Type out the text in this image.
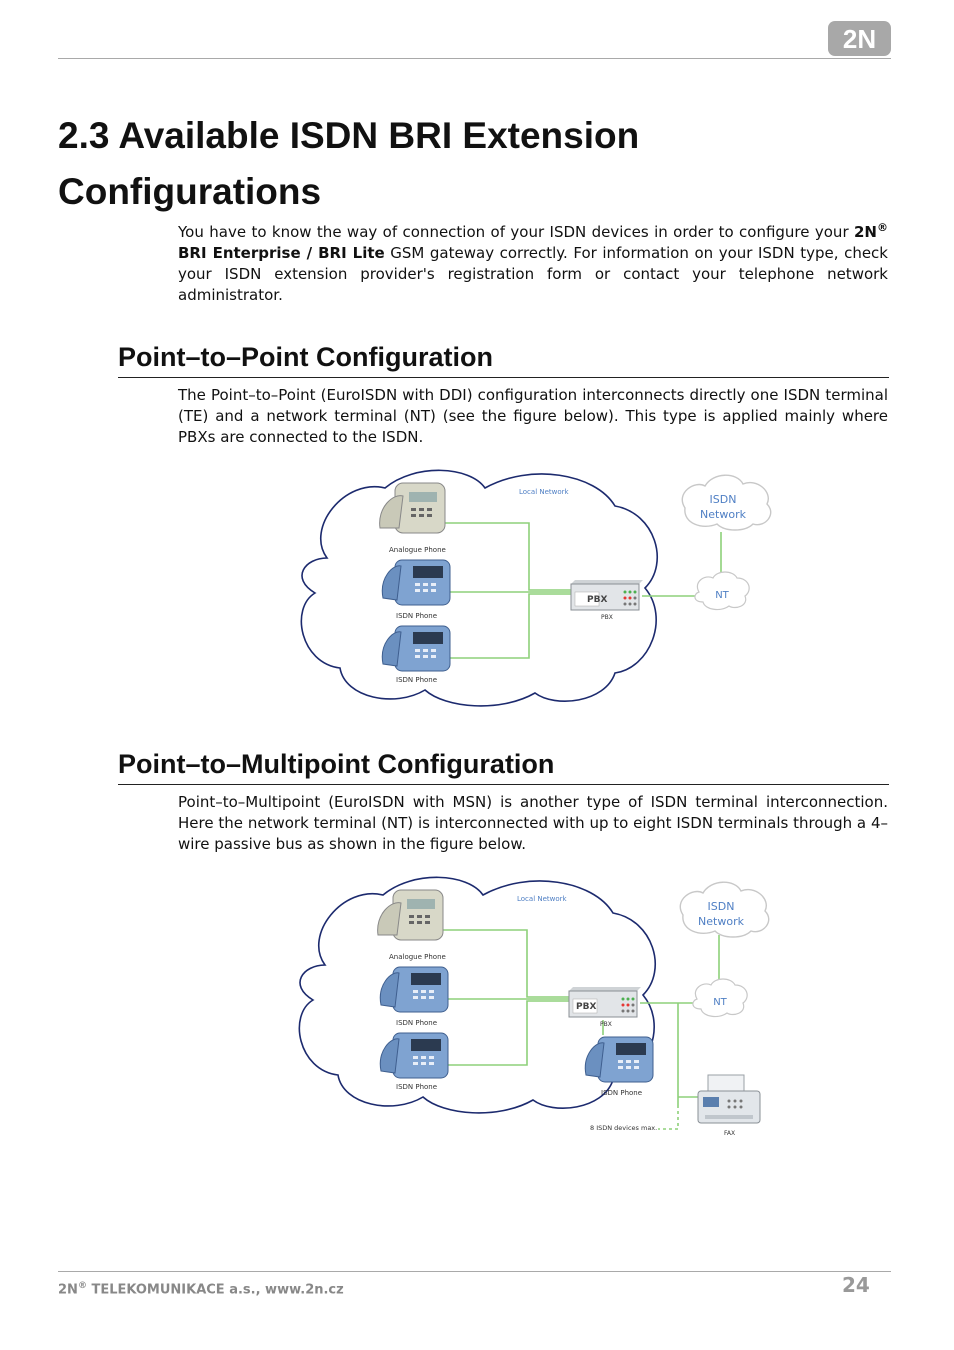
2N
2.3 Available ISDN BRI Extension Configurations

You have to know the way of connection of your ISDN devices in order to configure your 2N® BRI Enterprise / BRI Lite GSM gateway correctly. For information on your ISDN type, check your ISDN extension provider's registration form or contact your telephone network administrator.

Point–to–Point Configuration

The Point–to–Point (EuroISDN with DDI) configuration interconnects directly one ISDN terminal (TE) and a network terminal (NT) (see the figure below). This type is applied mainly where PBXs are connected to the ISDN.

Local Network
Analogue Phone
ISDN Phone
ISDN Phone
PBX
PBX
ISDN
Network
NT
Point–to–Multipoint Configuration

Point–to–Multipoint (EuroISDN with MSN) is another type of ISDN terminal interconnection. Here the network terminal (NT) is interconnected with up to eight ISDN terminals through a 4–wire passive bus as shown in the figure below.

Local Network
Analogue Phone
ISDN Phone
ISDN Phone
PBX
PBX
ISDN Phone
8 ISDN devices max.
FAX
ISDN
Network
NT
2N® TELEKOMUNIKACE a.s., www.2n.cz	24
